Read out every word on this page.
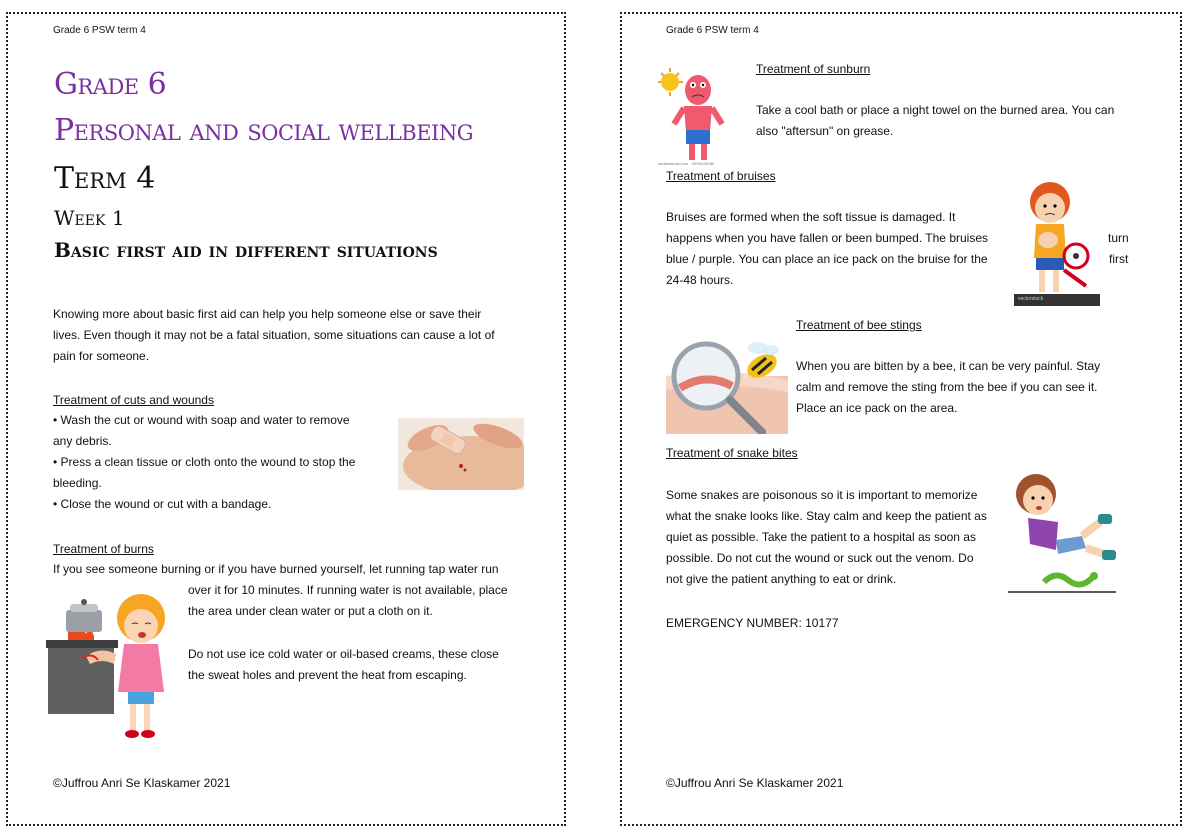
Grade 6 PSW term 4
Grade 6
Personal and social wellbeing
Term 4
Week 1
Basic first aid in different situations
Knowing more about basic first aid can help you help someone else or save their
lives. Even though it may not be a fatal situation, some situations can cause a lot of
pain for someone.
Treatment of cuts and wounds
• Wash the cut or wound with soap and water to remove
any debris.
• Press a clean tissue or cloth onto the wound to stop the
bleeding.
• Close the wound or cut with a bandage.
Treatment of burns
If you see someone burning or if you have burned yourself, let running tap water run
over it for 10 minutes. If running water is not available, place
the area under clean water or put a cloth on it.
Do not use ice cold water or oil-based creams, these close
the sweat holes and prevent the heat from escaping.
©Juffrou Anri Se Klaskamer 2021
Grade 6 PSW term 4
shutterstock.com · 2009125080
Treatment of sunburn
Take a cool bath or place a night towel on the burned area. You can
also "aftersun" on grease.
Treatment of bruises
Bruises are formed when the soft tissue is damaged. It
happens when you have fallen or been bumped. The bruises	turn
blue / purple. You can place an ice pack on the bruise for the	first
24-48 hours.
vectorstock
Treatment of bee stings
When you are bitten by a bee, it can be very painful. Stay
calm and remove the sting from the bee if you can see it.
Place an ice pack on the area.
Treatment of snake bites
Some snakes are poisonous so it is important to memorize
what the snake looks like. Stay calm and keep the patient as
quiet as possible. Take the patient to a hospital as soon as
possible. Do not cut the wound or suck out the venom. Do
not give the patient anything to eat or drink.
EMERGENCY NUMBER: 10177
©Juffrou Anri Se Klaskamer 2021
